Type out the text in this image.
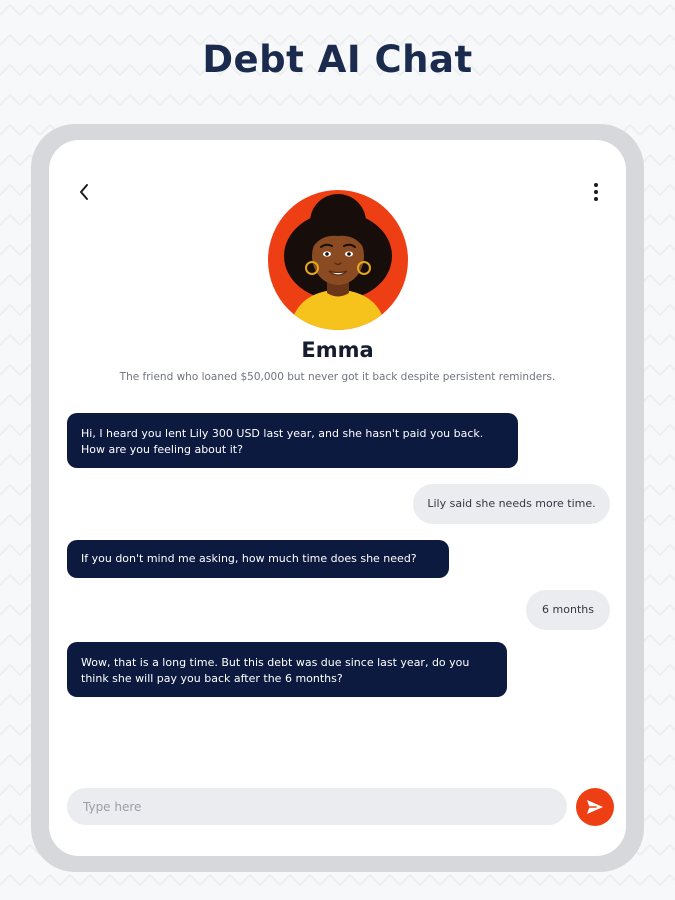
Debt AI Chat
Emma
The friend who loaned $50,000 but never got it back despite persistent reminders.
Hi, I heard you lent Lily 300 USD last year, and she hasn't paid you back. How are you feeling about it?
Lily said she needs more time.
If you don't mind me asking, how much time does she need?
6 months
Wow, that is a long time. But this debt was due since last year, do you think she will pay you back after the 6 months?
Type here
